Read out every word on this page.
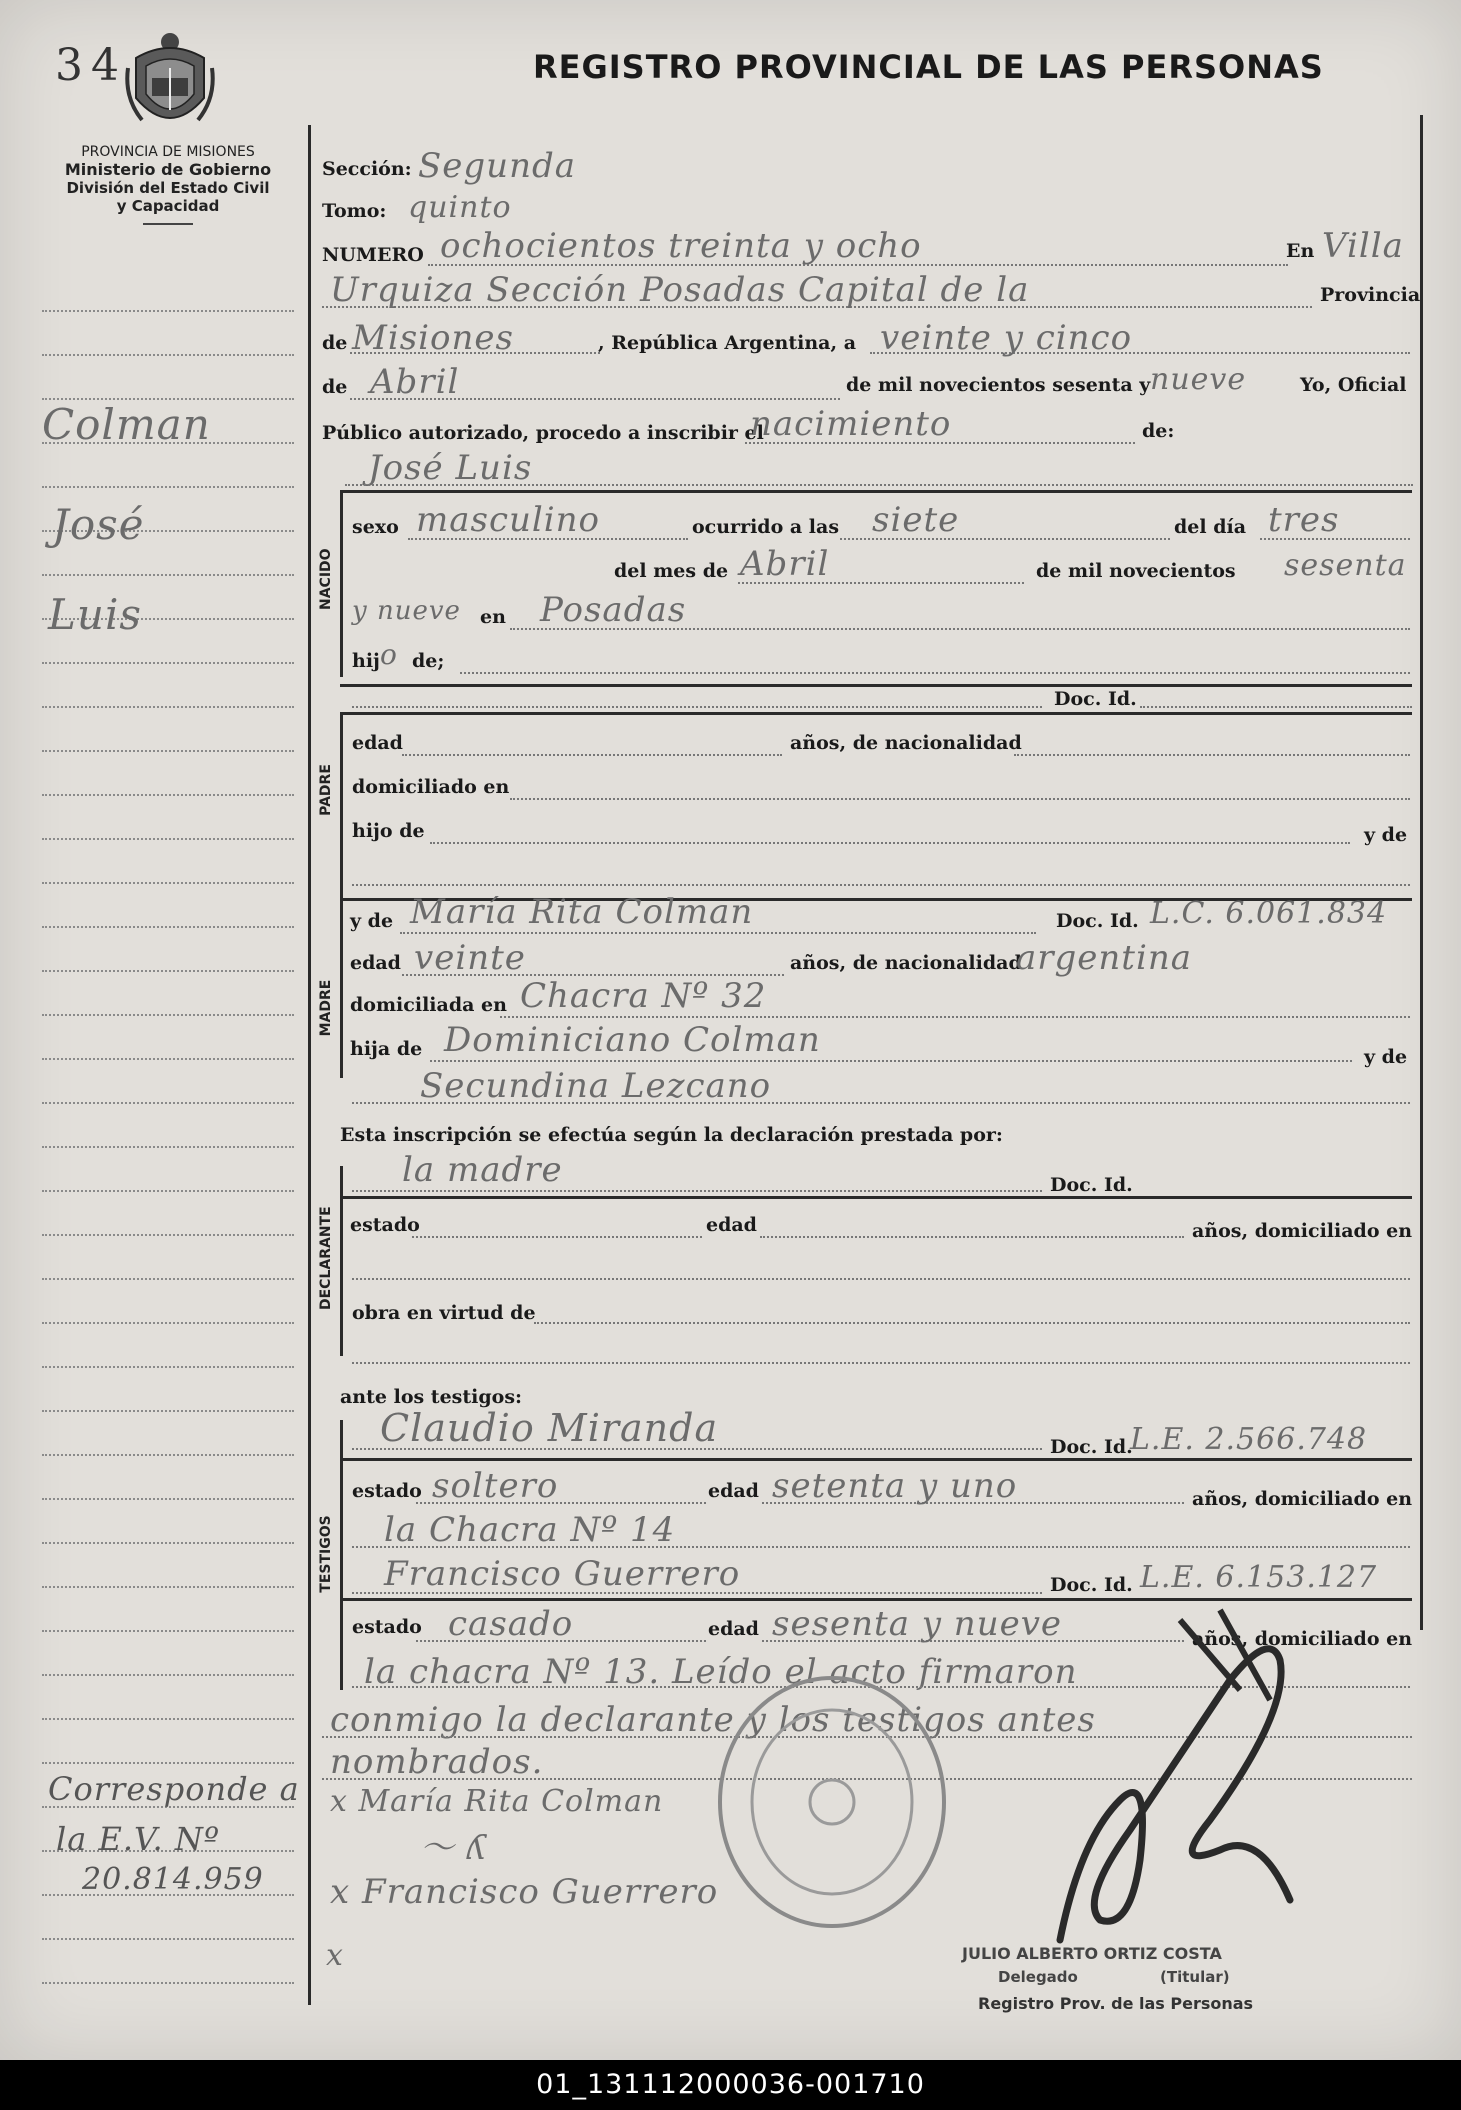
34	REGISTRO PROVINCIAL DE LAS PERSONAS
PROVINCIA DE MISIONES
Ministerio de Gobierno
División del Estado Civil
y Capacidad
Colman
José
Luis
Corresponde a
la E.V. Nº
20.814.959
Sección: Segunda
Tomo: quinto
NUMERO ochocientos treinta y ocho	En Villa
Urquiza Sección Posadas Capital de la	Provincia
de Misiones	, República Argentina, a veinte y cinco
de Abril	de mil novecientos sesenta y nueve	Yo, Oficial
Público autorizado, procedo a inscribir el
nacimiento	de:
José Luis
NACIDO
sexo masculino	ocurrido a las siete	del día tres
del mes de Abril	de mil novecientos sesenta
y nueve en Posadas
hij o de;
Doc. Id.
PADRE
edad	años, de nacionalidad
domiciliado en
hijo de	y de
MADRE
y de María Rita Colman	Doc. Id. L.C. 6.061.834
edad veinte	años, de nacionalidad
argentina
domiciliada en Chacra Nº 32
hija de Dominiciano Colman	y de
Secundina Lezcano
Esta inscripción se efectúa según la declaración prestada por:
la madre	Doc. Id.
DECLARANTE estado	edad	años, domiciliado en
obra en virtud de
ante los testigos:
Claudio Miranda	Doc. Id.
L.E. 2.566.748
TESTIGOS
estado soltero	edad setenta y uno	años, domiciliado en
la Chacra Nº 14
Francisco Guerrero	Doc. Id. L.E. 6.153.127
estado casado	edad sesenta y nueve	años, domiciliado en
la chacra Nº 13. Leído el acto firmaron
conmigo la declarante y los testigos antes
nombrados.
x María Rita Colman
〜 ʎ
x Francisco Guerrero
x	JULIO ALBERTO ORTIZ COSTA
Delegado	(Titular)
Registro Prov. de las Personas
01_131112000036-001710
